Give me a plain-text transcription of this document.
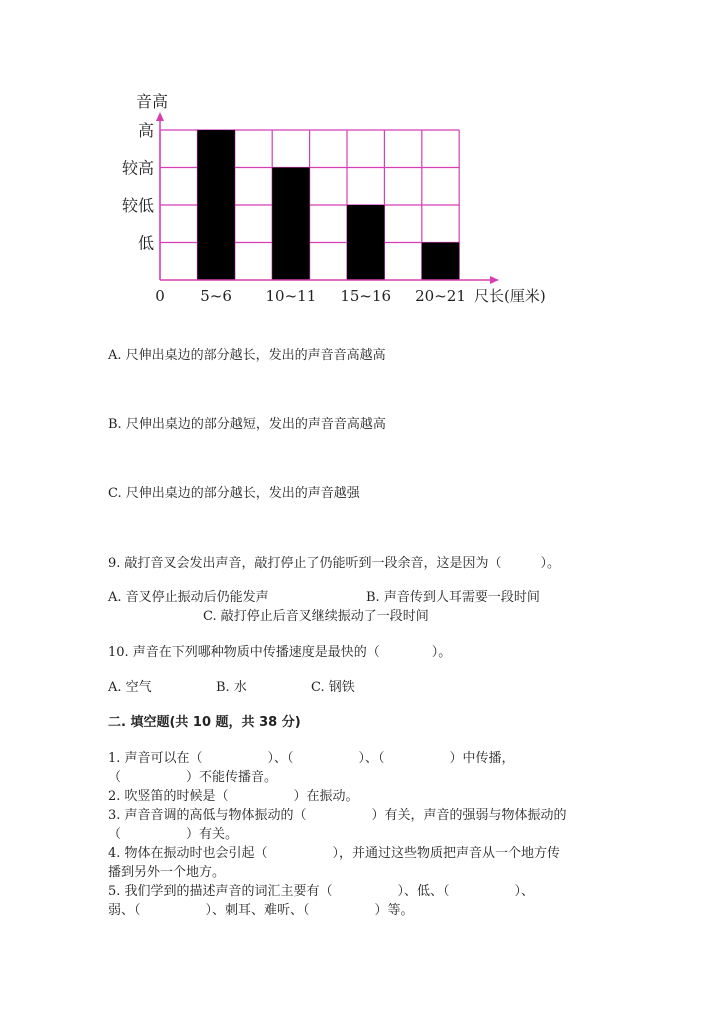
音高
低
较低
较高
高
0 5~6 10~11 15~16 20~21 尺长(厘米)
A. 尺伸出桌边的部分越长，发出的声音音高越高
B. 尺伸出桌边的部分越短，发出的声音音高越高
C. 尺伸出桌边的部分越长，发出的声音越强
9. 敲打音叉会发出声音，敲打停止了仍能听到一段余音，这是因为（　　　）。
A. 音叉停止振动后仍能发声	B. 声音传到人耳需要一段时间
C. 敲打停止后音叉继续振动了一段时间
10. 声音在下列哪种物质中传播速度是最快的（　　　　）。
A. 空气	B. 水	C. 钢铁
二. 填空题(共 10 题，共 38 分)
1. 声音可以在（　　　　　）、（　　　　　）、（　　　　　）中传播，
（　　　　　）不能传播音。
2. 吹竖笛的时候是（　　　　　）在振动。
3. 声音音调的高低与物体振动的（　　　　　）有关，声音的强弱与物体振动的
（　　　　　）有关。
4. 物体在振动时也会引起（　　　　　），并通过这些物质把声音从一个地方传
播到另外一个地方。
5. 我们学到的描述声音的词汇主要有（　　　　　）、低、（　　　　　）、
弱、（　　　　　）、刺耳、难听、（　　　　　）等。
